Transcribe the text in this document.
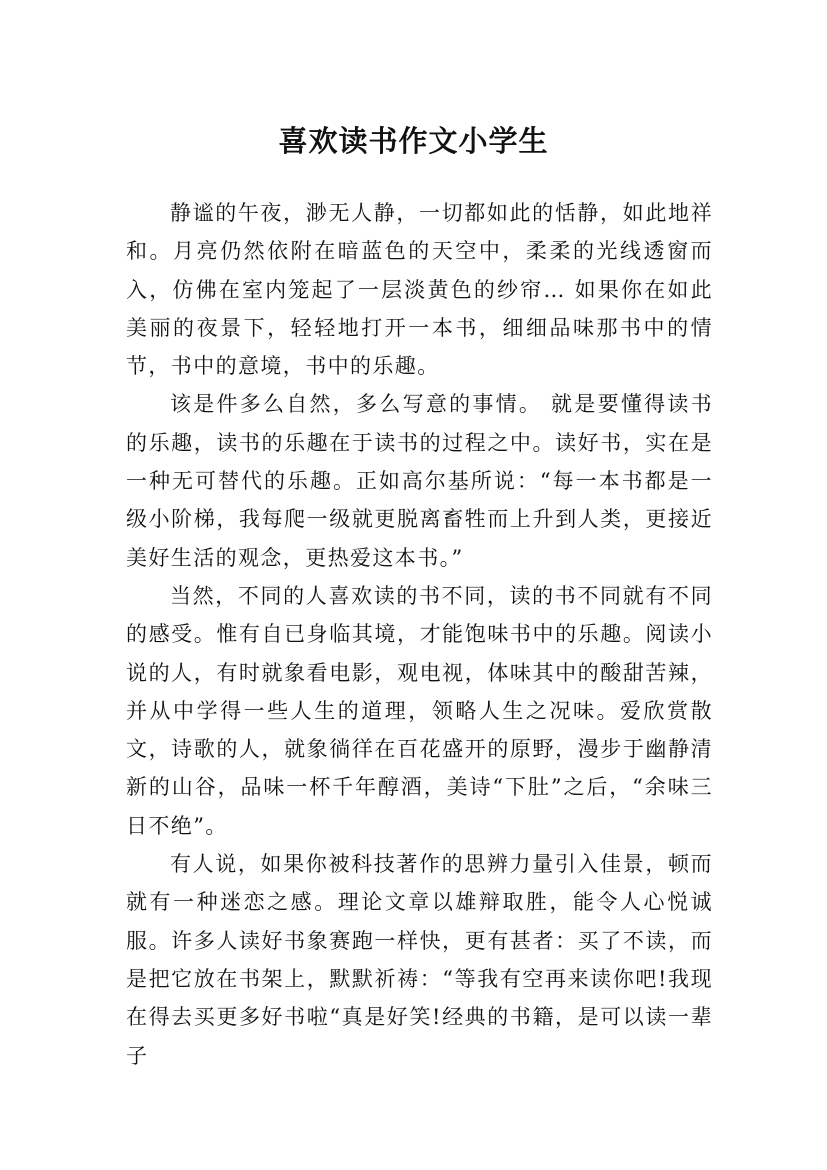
喜欢读书作文小学生

静谧的午夜，渺无人静，一切都如此的恬静，如此地祥和。月亮仍然依附在暗蓝色的天空中，柔柔的光线透窗而入，仿佛在室内笼起了一层淡黄色的纱帘… 如果你在如此美丽的夜景下，轻轻地打开一本书，细细品味那书中的情节，书中的意境，书中的乐趣。

该是件多么自然，多么写意的事情。 就是要懂得读书的乐趣，读书的乐趣在于读书的过程之中。读好书，实在是一种无可替代的乐趣。正如高尔基所说：“每一本书都是一级小阶梯，我每爬一级就更脱离畜牲而上升到人类，更接近美好生活的观念，更热爱这本书。”

当然，不同的人喜欢读的书不同，读的书不同就有不同的感受。惟有自已身临其境，才能饱味书中的乐趣。阅读小说的人，有时就象看电影，观电视，体味其中的酸甜苦辣，并从中学得一些人生的道理，领略人生之况味。爱欣赏散文，诗歌的人，就象徜徉在百花盛开的原野，漫步于幽静清新的山谷，品味一杯千年醇酒，美诗“下肚”之后，“余味三日不绝”。

有人说，如果你被科技著作的思辨力量引入佳景，顿而就有一种迷恋之感。理论文章以雄辩取胜，能令人心悦诚服。许多人读好书象赛跑一样快，更有甚者：买了不读，而是把它放在书架上，默默祈祷：“等我有空再来读你吧!我现在得去买更多好书啦“真是好笑!经典的书籍，是可以读一辈子
